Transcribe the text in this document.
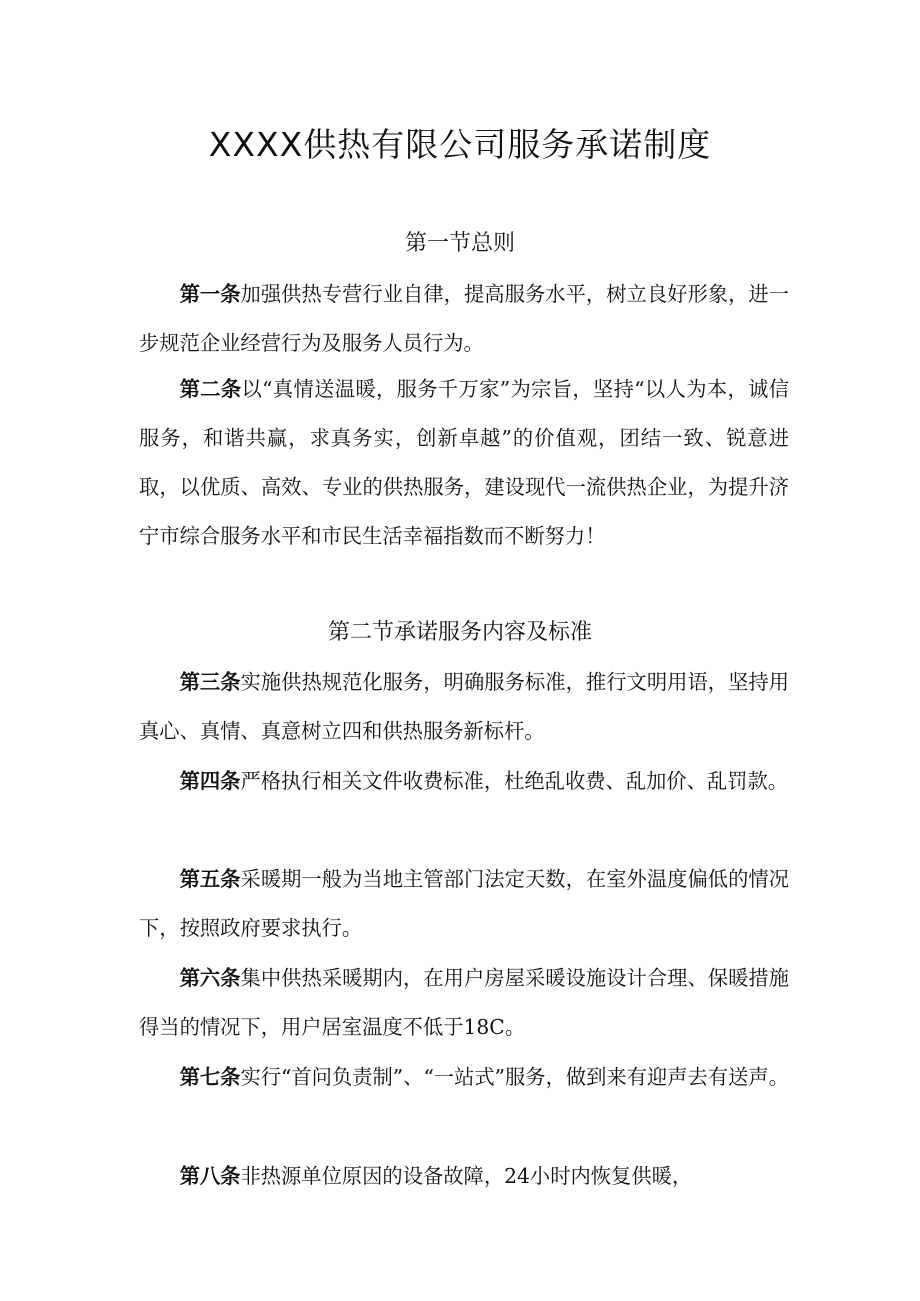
XXXX供热有限公司服务承诺制度
第一节总则

第一条加强供热专营行业自律，提高服务水平，树立良好形象，进一步规范企业经营行为及服务人员行为。

第二条以“真情送温暖，服务千万家”为宗旨，坚持“以人为本，诚信服务，和谐共赢，求真务实，创新卓越”的价值观，团结一致、锐意进取，以优质、高效、专业的供热服务，建设现代一流供热企业，为提升济宁市综合服务水平和市民生活幸福指数而不断努力！

第二节承诺服务内容及标准

第三条实施供热规范化服务，明确服务标准，推行文明用语，坚持用真心、真情、真意树立四和供热服务新标杆。

第四条严格执行相关文件收费标准，杜绝乱收费、乱加价、乱罚款。

第五条采暖期一般为当地主管部门法定天数，在室外温度偏低的情况下，按照政府要求执行。

第六条集中供热采暖期内，在用户房屋采暖设施设计合理、保暖措施得当的情况下，用户居室温度不低于18C。

第七条实行“首问负责制”、“一站式”服务，做到来有迎声去有送声。

第八条非热源单位原因的设备故障，24小时内恢复供暖，
